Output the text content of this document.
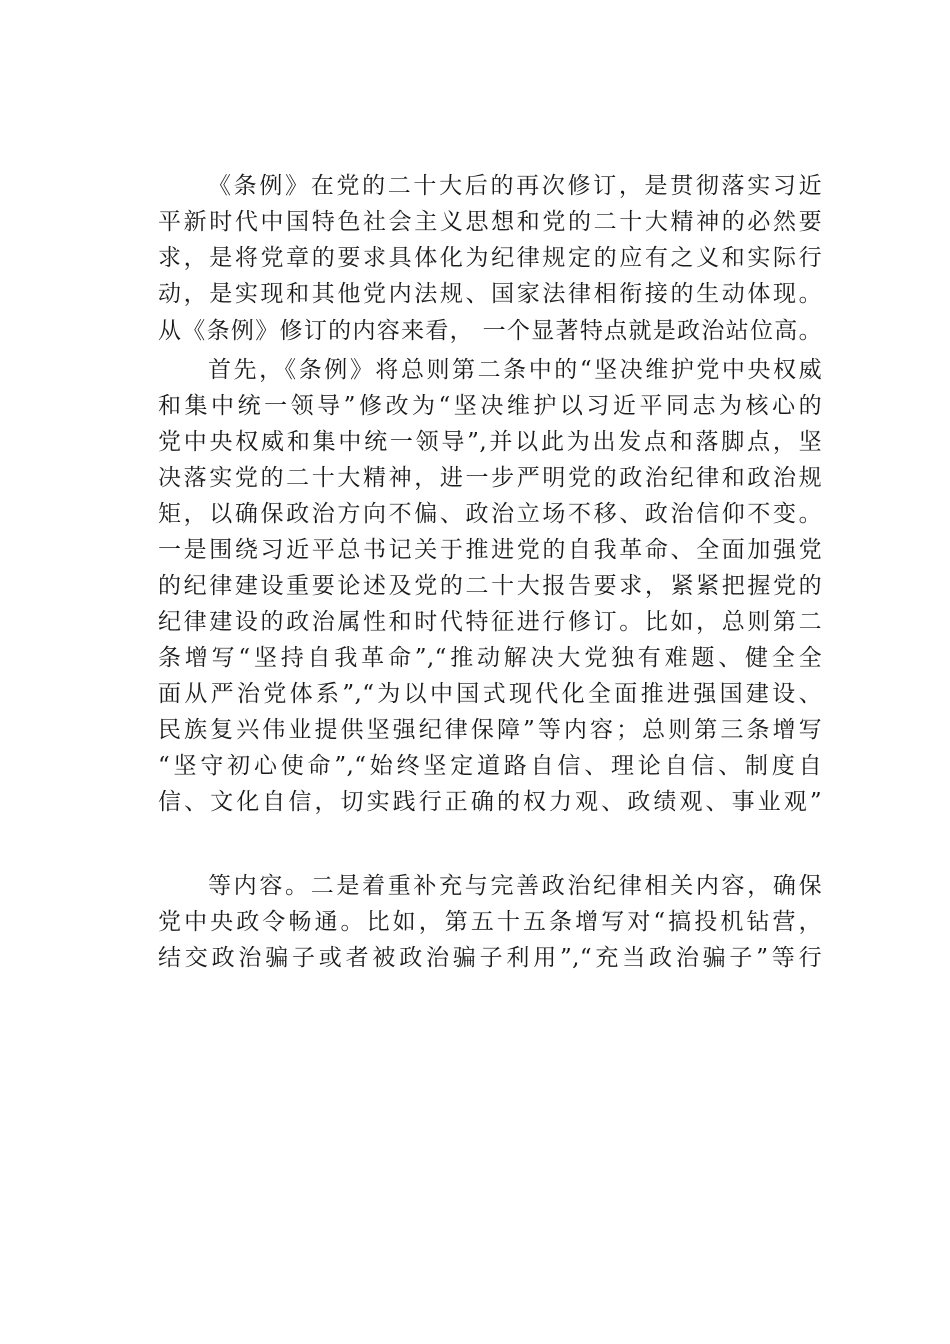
《条例》在党的二十大后的再次修订，是贯彻落实习近

平新时代中国特色社会主义思想和党的二十大精神的必然要

求，是将党章的要求具体化为纪律规定的应有之义和实际行

动，是实现和其他党内法规、国家法律相衔接的生动体现。

从《条例》修订的内容来看， 一个显著特点就是政治站位高。

首先，《条例》将总则第二条中的“坚决维护党中央权威

和集中统一领导”修改为“坚决维护以习近平同志为核心的

党中央权威和集中统一领导”,并以此为出发点和落脚点，坚

决落实党的二十大精神，进一步严明党的政治纪律和政治规

矩，以确保政治方向不偏、政治立场不移、政治信仰不变。

一是围绕习近平总书记关于推进党的自我革命、全面加强党

的纪律建设重要论述及党的二十大报告要求，紧紧把握党的

纪律建设的政治属性和时代特征进行修订。比如，总则第二

条增写“坚持自我革命”,“推动解决大党独有难题、健全全

面从严治党体系”,“为以中国式现代化全面推进强国建设、

民族复兴伟业提供坚强纪律保障”等内容；总则第三条增写

“坚守初心使命”,“始终坚定道路自信、理论自信、制度自

信、文化自信，切实践行正确的权力观、政绩观、事业观”

等内容。二是着重补充与完善政治纪律相关内容，确保

党中央政令畅通。比如，第五十五条增写对“搞投机钻营，

结交政治骗子或者被政治骗子利用”,“充当政治骗子”等行
